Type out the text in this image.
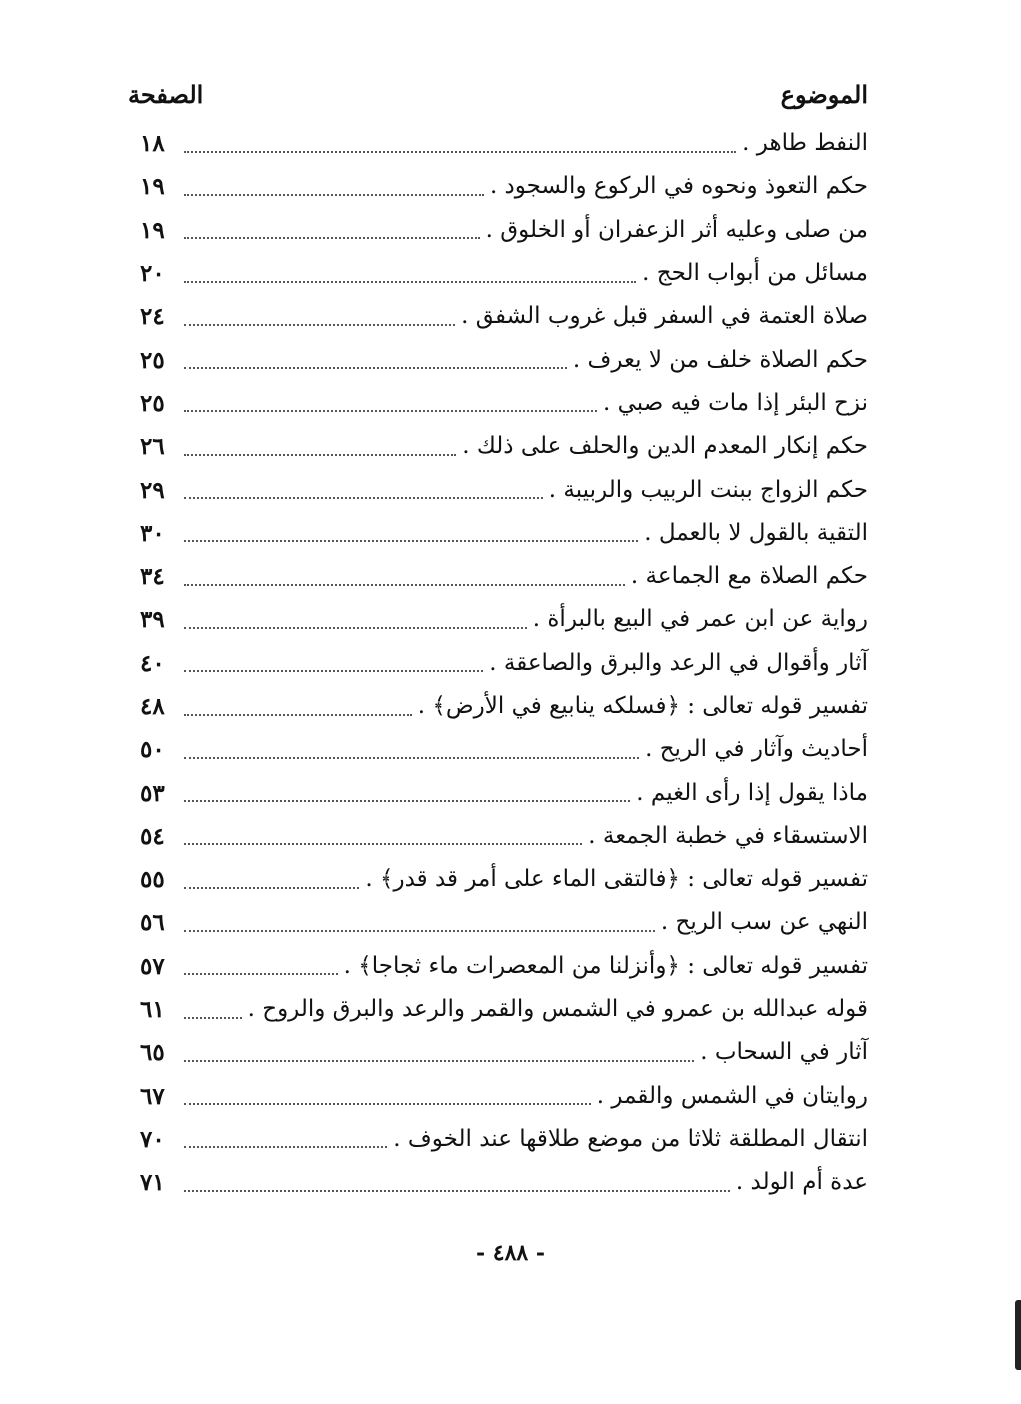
الموضوع
الصفحة
النفط طاهر .
١٨
حكم التعوذ ونحوه في الركوع والسجود .
١٩
من صلى وعليه أثر الزعفران أو الخلوق .
١٩
مسائل من أبواب الحج .
٢٠
صلاة العتمة في السفر قبل غروب الشفق .
٢٤
حكم الصلاة خلف من لا يعرف .
٢٥
نزح البئر إذا مات فيه صبي .
٢٥
حكم إنكار المعدم الدين والحلف على ذلك .
٢٦
حكم الزواج ببنت الربيب والربيبة .
٢٩
التقية بالقول لا بالعمل .
٣٠
حكم الصلاة مع الجماعة .
٣٤
رواية عن ابن عمر في البيع بالبرأة .
٣٩
آثار وأقوال في الرعد والبرق والصاعقة .
٤٠
تفسير قوله تعالى : ﴿فسلكه ينابيع في الأرض﴾ .
٤٨
أحاديث وآثار في الريح .
٥٠
ماذا يقول إذا رأى الغيم .
٥٣
الاستسقاء في خطبة الجمعة .
٥٤
تفسير قوله تعالى : ﴿فالتقى الماء على أمر قد قدر﴾ .
٥٥
النهي عن سب الريح .
٥٦
تفسير قوله تعالى : ﴿وأنزلنا من المعصرات ماء ثجاجا﴾ .
٥٧
قوله عبدالله بن عمرو في الشمس والقمر والرعد والبرق والروح .
٦١
آثار في السحاب .
٦٥
روايتان في الشمس والقمر .
٦٧
انتقال المطلقة ثلاثا من موضع طلاقها عند الخوف .
٧٠
عدة أم الولد .
٧١
- ٤٨٨ -
